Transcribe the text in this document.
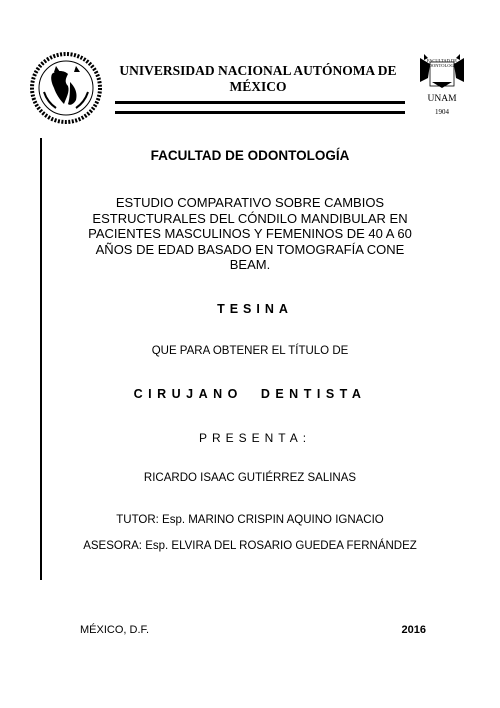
UNIVERSIDAD NACIONAL AUTÓNOMA DE MÉXICO
FACULTAD DE ODONTOLOGÍA
UNAM
1904
FACULTAD DE ODONTOLOGÍA
ESTUDIO COMPARATIVO SOBRE CAMBIOS ESTRUCTURALES DEL CÓNDILO MANDIBULAR EN PACIENTES MASCULINOS Y FEMENINOS DE 40 A 60 AÑOS DE EDAD BASADO EN TOMOGRAFÍA CONE BEAM.
TESINA
QUE PARA OBTENER EL TÍTULO DE
CIRUJANO  DENTISTA
PRESENTA:
RICARDO ISAAC GUTIÉRREZ SALINAS
TUTOR: Esp. MARINO CRISPIN AQUINO IGNACIO
ASESORA: Esp. ELVIRA DEL ROSARIO GUEDEA FERNÁNDEZ
MÉXICO, D.F.	2016
